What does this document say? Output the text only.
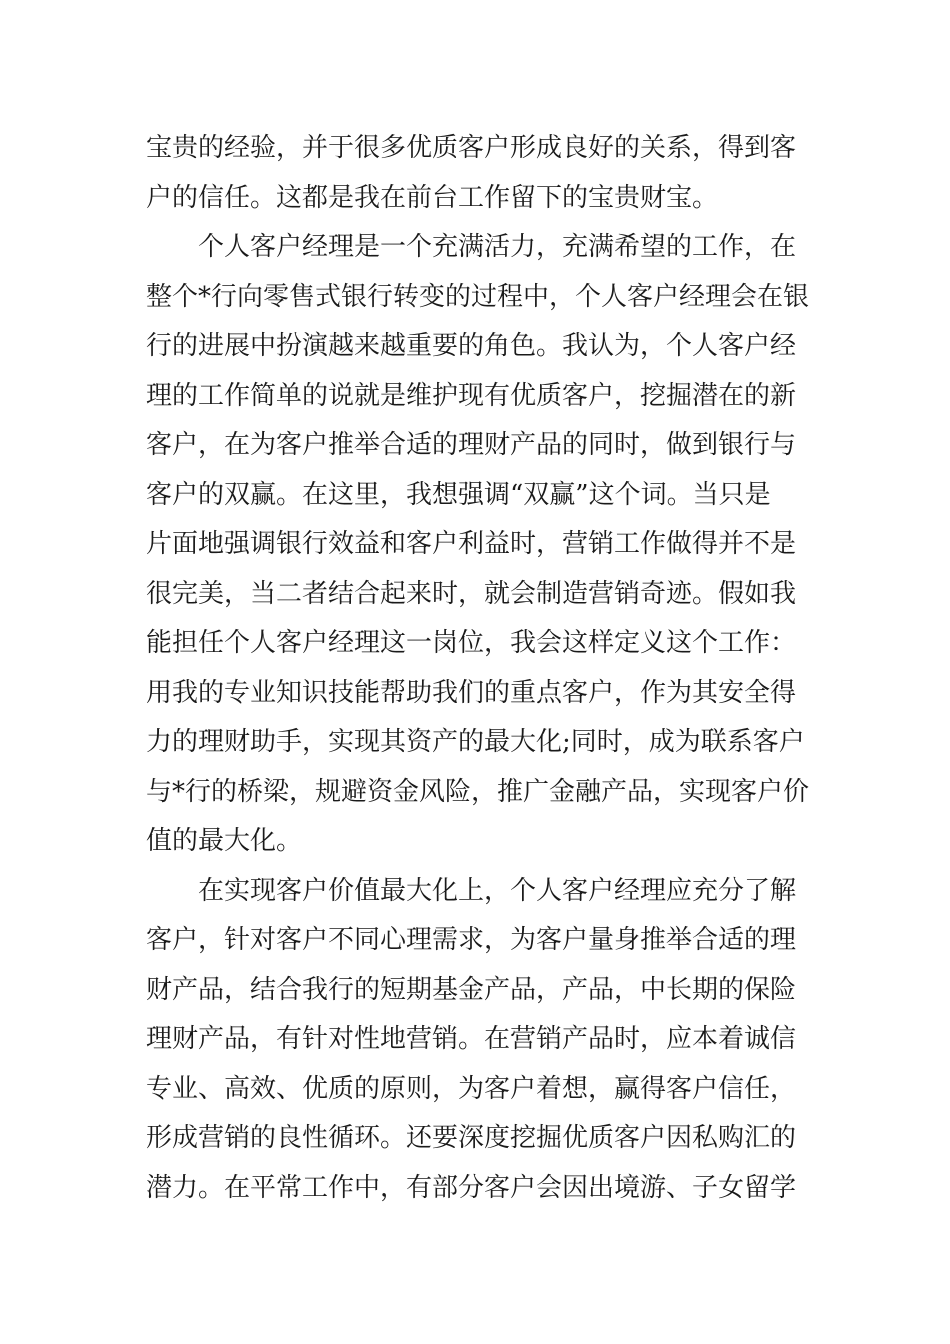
宝贵的经验，并于很多优质客户形成良好的关系，得到客
户的信任。这都是我在前台工作留下的宝贵财宝。
个人客户经理是一个充满活力，充满希望的工作，在
整个*行向零售式银行转变的过程中，个人客户经理会在银
行的进展中扮演越来越重要的角色。我认为，个人客户经
理的工作简单的说就是维护现有优质客户，挖掘潜在的新
客户，在为客户推举合适的理财产品的同时，做到银行与
客户的双赢。在这里，我想强调“双赢”这个词。当只是
片面地强调银行效益和客户利益时，营销工作做得并不是
很完美，当二者结合起来时，就会制造营销奇迹。假如我
能担任个人客户经理这一岗位，我会这样定义这个工作：
用我的专业知识技能帮助我们的重点客户，作为其安全得
力的理财助手，实现其资产的最大化;同时，成为联系客户
与*行的桥梁，规避资金风险，推广金融产品，实现客户价
值的最大化。
在实现客户价值最大化上，个人客户经理应充分了解
客户，针对客户不同心理需求，为客户量身推举合适的理
财产品，结合我行的短期基金产品，产品，中长期的保险
理财产品，有针对性地营销。在营销产品时，应本着诚信
专业、高效、优质的原则，为客户着想，赢得客户信任，
形成营销的良性循环。还要深度挖掘优质客户因私购汇的
潜力。在平常工作中，有部分客户会因出境游、子女留学
